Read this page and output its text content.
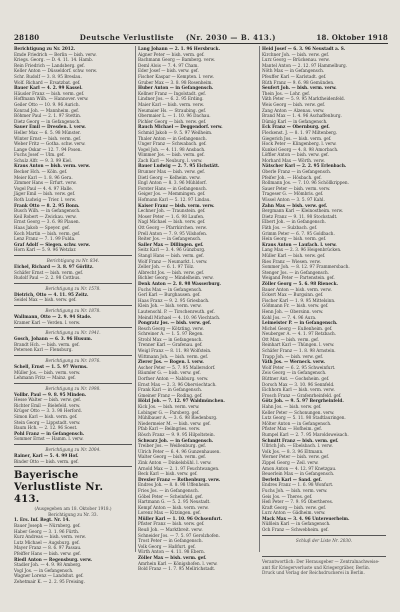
28180	Deutsche Verlustliste (Nr. 2030 — B. 413.)	18. Oktober 1918
Berichtigung zu Nr. 2012.
Emde Friedrich — Berlin — bish. verw.
Kriegs. Georg. — D. 4. 11. 14. Hamb.
Rein Friedrich — Landsberg. gef.
Keller Anton — Düsseldorf. schw. verw.
Schr. Rudolf — 3. 8. 95 Breslau.
Wolf. Richard — Ersatzbat. gef.
Bauer Karl — 4. 2. 99 Kassel.
Häusler Franz — bish. verm. gef.
Hoffmann Wilh. — Hannover. verw.
Geiler Otto — 10. 9. 96 Aurich.
Konrad Joh. — Mannheim. gef.
Böhmer Paul — 2. 1. 97 Stettin.
Dietz Georg — in Gefangensch.
Sauer Emil — Dresden. l. verw.
Heller Max — 6. 5. 98 Münster.
Winter Ernst — bish. verm. gef.
Weber Fritz — Gotha. schw. verw.
Lange Oskar — 12. 7. 94 Posen.
Fuchs Josef — Ulm. gef.
Schulz Alfr. — 9. 3. 99 Kiel.
Kraus Anton — bish. verm. verw.
Becker Hch. — Köln. gef.
Meier Karl — 1. 8. 96 Gera.
Zimmer Hans — Erfurt. verw.
Vogel Paul — 4. 4. 97 Halle.
Jäger Emil — bish. verw. gef.
Roth Ludwig — Trier. l. verw.
Frank Otto — 8. 2. 95 Bonn.
Busch Wilh. — in Gefangensch.
Keil Robert — Zwickau. verw.
Ernst Georg — 3. 6. 98 Plauen.
Haas Jakob — Speyer. gef.
Koch Martin — bish. verm. gef.
Lenz Franz — 7. 1. 99 Fulda.
Graf Adolf — Siegen. schw. verw.
Horn Karl — 5. 9. 96 Wetzlar.
Berichtigung zu Nr. 834.
Eichel, Richard — 3. 8. 97 Görlitz.
Schäfer Ernst — bish. verm. gef.
Rudolf Paul — 2. 2. 98 Cottbus.
Berichtigung zu Nr. 1578.
Dietrich, Otto — 4. 11. 95 Zeitz.
Seidel Max — bish. verw. gef.
Berichtigung zu Nr. 1878.
Wallmann, Otto — 2. 9. 94 Stade.
Kramer Karl — Verden. l. verw.
Berichtigung zu Nr. 1941.
Gosch, Johann — 6. 3. 96 Husum.
Brandt Hch. — bish. verm. gef.
Petersen Karl — Flensburg.
Berichtigung zu Nr. 1976.
Schell, Ernst — 1. 5. 97 Worms.
Müller Jos. — bish. verm. verw.
Lehmann Fritz — Mainz. gef.
Berichtigung zu Nr. 1998.
Vollbr. Paul — 9. 8. 95 Minden.
Hesse Walter — bish. verw. gef.
Richter Emil — Bielefeld. verw.
Krüger Otto — 3. 3. 98 Herford.
Simon Karl — bish. verm. gef.
Stein Georg — Lippstadt. verw.
Baum Hch. — 2. 12. 96 Soest.
Pohl Franz — in Gefangensch.
Sommer Ernst — Hamm. l. verw.
Berichtigung zu Nr. 2004.
Rainer, Karl — 5. 4. 99 Hof.
Binder Otto — bish. verm. gef.
Bayerische Verlustliste Nr. 413.
(Ausgegeben am 18. Oktober 1918.)
Berichtigung zu Nr. 33.
1. Ers. Inf. Regt. Nr. 14.
Bauer Joseph — Nürnberg. gef.
Haber Georg — 3. 1. 96 Fürth.
Kurz Andreas — bish. verm. verw.
Lutz Michael — Augsburg. gef.
Mayer Franz — 8. 6. 97 Passau.
Pfeiffer Hans — bish. verw. gef.
Riedl Anton — Regensburg. verw.
Stadler Joh. — 4. 9. 98 Amberg.
Vogl Jos. — in Gefangensch.
Wagner Lorenz — Landshut. gef.
Zehetmair K. — 2. 2. 95 Freising.
Lang Johann — 2. 1. 96 Hersbruck.
Aigner Peter — bish. verm. gef.
Bachmann Georg — Bamberg. verw.
Deml Alois — 7. 4. 97 Cham.
Eder Josef — bish. verw. gef.
Fischer Kaspar — Kempten. l. verw.
Gruber Max — 3. 8. 98 Rosenheim.
Huber Anton — in Gefangensch.
Kellner Franz — Ingolstadt. gef.
Lindner Jos. — 6. 2. 95 Erding.
Maier Karl — bish. verm. verw.
Neumaier Hs. — Straubing. gef.
Obermaier L. — 1. 10. 96 Dachau.
Pichler Georg — bish. verw. gef.
Rauch Michael — Deggendorf. verw.
Schmid Jakob — 9. 5. 97 Weilheim.
Thaler Anton — in Gefangensch.
Unger Franz — Schwabach. gef.
Vogel Joh. — 4. 11. 98 Ansbach.
Wimmer Jos. — bish. verm. gef.
Zach Karl — Neuburg. l. verw.
Bauer Ludwig — 2. 7. 95 Eichstätt.
Brunner Max — bish. verw. gef.
Dietl Georg — Kelheim. verw.
Engl Anton — 8. 3. 96 Mühldorf.
Forster Hans — in Gefangensch.
Geiger Jos. — Memmingen. gef.
Hofmann Karl — 5. 12. 97 Lindau.
Kaiser Franz — bish. verm. verw.
Lechner Joh. — Traunstein. gef.
Moser Peter — 1. 6. 98 Laufen.
Nagl Michael — bish. verw. gef.
Ott Georg — Pfarrkirchen. verw.
Prell Anton — 7. 9. 95 Vilshofen.
Reiter Jos. — in Gefangensch.
Sailer Max — Dillingen. gef.
Seitz Karl — 3. 4. 96 Günzburg.
Stangl Hans — bish. verm. gef.
Wolf Franz — Neumarkt. l. verw.
Zeller Joh. — 6. 1. 97 Tölz.
Albrecht Jos. — bish. verw. gef.
Bichler Georg — Mindelheim. verw.
Denk Anton — 2. 8. 98 Wasserburg.
Fuchs Max — in Gefangensch.
Gerl Karl — Burghausen. gef.
Haas Franz — 9. 2. 95 Griesbach.
Klein Joh. — bish. verm. verw.
Lautenschl. P. — Tirschenreuth. gef.
Meindl Michael — 4. 10. 96 Viechtach.
Pongratz Jos. — bish. verw. gef.
Resch Georg — Kötzting. verw.
Schreiner A. — 1. 5. 97 Regen.
Strobl Max — in Gefangensch.
Trenner Karl — Grafenau. gef.
Weigl Franz — 8. 11. 98 Wolfstein.
Wittmann Joh. — bish. verm. gef.
Zierer Jos. — Bogen. l. verw.
Ascher Peter — 5. 7. 95 Mallersdorf.
Bäumler G. — bish. verw. gef.
Dorfner Anton — Nabburg. verw.
Ernst Max — 2. 3. 96 Oberviechtach.
Frank Karl — in Gefangensch.
Gmeiner Franz — Roding. gef.
Hölzl Joh. — 7. 12. 97 Waldmünchen.
Kick Jos. — bish. verm. verw.
Lobinger G. — Parsberg. gef.
Mühlbauer A. — 3. 6. 98 Riedenburg.
Niedermeier M. — bish. verw. gef.
Pfab Karl — Beilngries. verw.
Rösch Franz — 9. 9. 95 Hilpoltstein.
Schwarz Joh. — in Gefangensch.
Treiber Jos. — Weißenburg. gef.
Ulrich Peter — 6. 4. 96 Gunzenhausen.
Walter Georg — bish. verm. gef.
Zink Anton — Dinkelsbühl. l. verw.
Arnold Max — 2. 1. 97 Feuchtwangen.
Beck Karl — bish. verw. gef.
Drexler Franz — Rothenburg. verw.
Endres Joh. — 8. 8. 98 Uffenheim.
Fries Jos. — in Gefangensch.
Göbel Peter — Scheinfeld. gef.
Hartmann G. — 5. 2. 95 Neustadt.
Kempf Anton — bish. verm. verw.
Lorenz Max — Kitzingen. gef.
Müller Karl — 1. 10. 96 Ochsenfurt.
Pfister Franz — bish. verw. gef.
Reuß Joh. — Marktbreit. verw.
Schneider Jos. — 7. 5. 97 Gerolzhofen.
Trost Peter — in Gefangensch.
Volk Georg — Haßfurt. gef.
Wirth Anton — 4. 11. 98 Ebern.
Zöller Max — bish. verm. gef.
Amrhein Karl — Königshofen. l. verw.
Bold Franz — 1. 7. 95 Mellrichstadt.
Heid Josef — 6. 3. 96 Neustadt a. S.
Kirchner Joh. — bish. verw. gef.
Lurz Georg — Brückenau. verw.
Mantel Anton — 2. 12. 97 Hammelburg.
Nöth Max — in Gefangensch.
Pfeuffer Karl — Karlstadt. gef.
Rüth Franz — 9. 6. 98 Gemünden.
Seufert Joh. — bish. verm. verw.
Thein Jos. — Lohr. gef.
Väth Peter — 5. 9. 95 Marktheidenfeld.
Weis Georg — bish. verw. gef.
Zang Anton — Alzenau. verw.
Brand Max — 1. 4. 96 Aschaffenburg.
Dümig Karl — in Gefangensch.
Eck Franz — Obernburg. gef.
Fleckenst. J. — 8. 1. 97 Miltenberg.
Giegerich Jos. — bish. verm. gef.
Hock Peter — Klingenberg. l. verw.
Kunkel Georg — 4. 8. 98 Amorbach.
Löffler Anton — bish. verw. gef.
Morhard Max — Wörth. verw.
Nätscher Karl — 2. 2. 95 Erlenbach.
Oberle Franz — in Gefangensch.
Pfeifer Joh. — Hösbach. gef.
Rollmann Jos. — 7. 10. 96 Schöllkrippen.
Sauer Peter — bish. verm. verw.
Trageser G. — Mömbris. gef.
Wissel Anton — 3. 5. 97 Kahl.
Zahn Max — bish. verw. gef.
Bergmann Karl — Kleinostheim. verw.
Dietz Franz — 9. 11. 98 Stockstadt.
Elbert Joh. — in Gefangensch.
Fäth Jos. — Sulzbach. gef.
Grimm Peter — 6. 7. 95 Goldbach.
Hein Georg — bish. verm. gef.
Kraus Anton — Laufach. l. verw.
Lang Max — 2. 3. 96 Heigenbrücken.
Müller Karl — bish. verw. gef.
Ries Franz — Wiesen. verw.
Sommer Joh. — 8. 12. 97 Frammersbach.
Stenger Jos. — in Gefangensch.
Weigand Peter — Partenstein. gef.
Zöller Georg — 5. 6. 98 Rieneck.
Bauer Anton — bish. verm. verw.
Eckert Max — Burgsinn. gef.
Fischer Karl — 1. 9. 95 Mittelsinn.
Gößmann Fr. — bish. verw. gef.
Henn Joh. — Obersinn. verw.
Kohl Jos. — 7. 4. 96 Aura.
Leimeister P. — in Gefangensch.
Michel Georg — Eußenheim. gef.
Neuberger A. — 4. 1. 97 Retzbach.
Ott Max — bish. verm. gef.
Reinhart Karl — Thüngen. l. verw.
Schäfer Franz — 1. 8. 98 Arnstein.
Trapp Joh. — bish. verw. gef.
Väth Jos. — Werneck. verw.
Wolf Peter — 6. 2. 95 Schweinfurt.
Zeis Georg — in Gefangensch.
Büttner Ant. — Gochsheim. gef.
Dorsch Max — 3. 10. 96 Sennfeld.
Eichhorn Karl — bish. verm. verw.
Frosch Franz — Grafenrheinfeld. gef.
Götz Joh. — 9. 5. 97 Bergrheinfeld.
Hahn Jos. — bish. verw. gef.
Keller Peter — Schonungen. verw.
Lutz Georg — 5. 11. 98 Stadtlauringen.
Mölter Anton — in Gefangensch.
Pfister Max — Hofheim. gef.
Rumpel Karl — 2. 7. 95 Maroldsweisach.
Schmitt Franz — bish. verm. gef.
Ullrich Joh. — Ebelsbach. l. verw.
Volk Jos. — 8. 3. 96 Eltmann.
Werner Peter — bish. verw. gef.
Zippel Georg — Zeil. verw.
Amon Anton — 4. 12. 97 Knetzgau.
Beuerlein Max — in Gefangensch.
Derleth Karl — Sand. gef.
Endres Franz — 1. 6. 98 Wonfurt.
Fuchs Joh. — bish. verm. verw.
Geis Jos. — Theres. gef.
Heß Peter — 7. 9. 95 Obertheres.
Kraft Georg — bish. verw. gef.
Lurz Anton — Gädheim. verw.
Mack Max — 3. 4. 96 Untereuerheim.
Nüßlein Karl — in Gefangensch.
Och Franz — Schwebheim. gef.
Schluß der Liste Nr. 2030.
Verantwortlich: Der Herausgeber — Zentralnachweise-
amt für Kriegerverluste und Kriegergräber, Berlin.
Druck und Verlag der Reichsdruckerei in Berlin.
